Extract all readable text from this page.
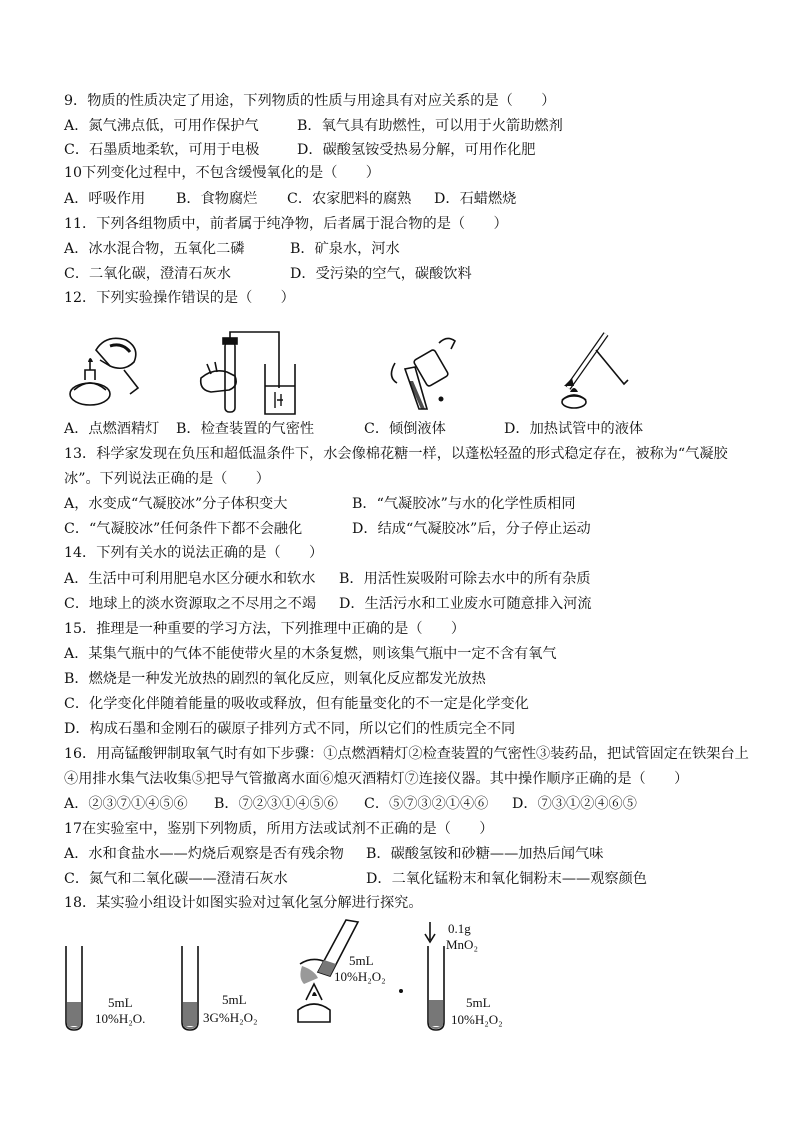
9．物质的性质决定了用途，下列物质的性质与用途具有对应关系的是（　　）
A．氮气沸点低，可用作保护气	B．氧气具有助燃性，可以用于火箭助燃剂
C．石墨质地柔软，可用于电极	D．碳酸氢铵受热易分解，可用作化肥
10下列变化过程中，不包含缓慢氧化的是（　　）
A．呼吸作用 B．食物腐烂 C．农家肥料的腐熟 D．石蜡燃烧
11．下列各组物质中，前者属于纯净物，后者属于混合物的是（　　）
A．冰水混合物，五氧化二磷	B．矿泉水，河水
C．二氧化碳，澄清石灰水	D．受污染的空气，碳酸饮料
12．下列实验操作错误的是（　　）
A．点燃酒精灯 B．检查装置的气密性	C．倾倒液体	D．加热试管中的液体
13．科学家发现在负压和超低温条件下，水会像棉花糖一样，以蓬松轻盈的形式稳定存在，被称为“气凝胶
冰”。下列说法正确的是（　　）
A，水变成“气凝胶冰”分子体积变大	B．“气凝胶冰”与水的化学性质相同
C．“气凝胶冰”任何条件下都不会融化	D．结成“气凝胶冰”后，分子停止运动
14．下列有关水的说法正确的是（　　）
A．生活中可利用肥皂水区分硬水和软水 B．用活性炭吸附可除去水中的所有杂质
C．地球上的淡水资源取之不尽用之不竭 D．生活污水和工业废水可随意排入河流
15．推理是一种重要的学习方法，下列推理中正确的是（　　）
A．某集气瓶中的气体不能使带火星的木条复燃，则该集气瓶中一定不含有氧气
B．燃烧是一种发光放热的剧烈的氧化反应，则氧化反应都发光放热
C．化学变化伴随着能量的吸收或释放，但有能量变化的不一定是化学变化
D．构成石墨和金刚石的碳原子排列方式不同，所以它们的性质完全不同
16．用高锰酸钾制取氧气时有如下步骤：①点燃酒精灯②检查装置的气密性③装药品，把试管固定在铁架台上
④用排水集气法收集⑤把导气管撤离水面⑥熄灭酒精灯⑦连接仪器。其中操作顺序正确的是（　　）
A．②③⑦①④⑤⑥ B．⑦②③①④⑤⑥ C．⑤⑦③②①④⑥ D．⑦③①②④⑥⑤
17在实验室中，鉴别下列物质，所用方法或试剂不正确的是（　　）
A．水和食盐水——灼烧后观察是否有残余物 B．碳酸氢铵和砂糖——加热后闻气味
C．氮气和二氧化碳——澄清石灰水	D．二氧化锰粉末和氧化铜粉末——观察颜色
18．某实验小组设计如图实验对过氧化氢分解进行探究。
5mL
10%H₂O.
5mL
3G%H₂O₂
5mL
10%H₂O₂
0.1g
MnO₂
5mL
10%H₂O₂
